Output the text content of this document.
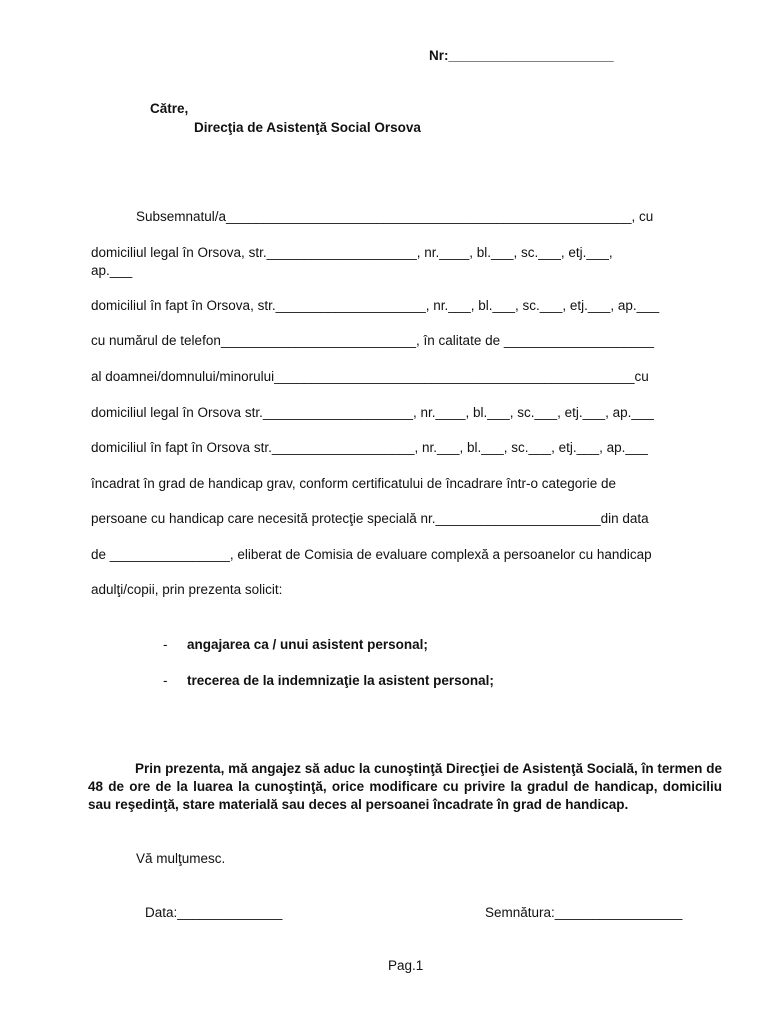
Nr:______________________
Către,
Direcţia de Asistenţă Social Orsova
Subsemnatul/a______________________________________________________, cu
domiciliul legal în Orsova, str.____________________, nr.____, bl.___, sc.___, etj.___,
ap.___
domiciliul în fapt în Orsova, str.____________________, nr.___, bl.___, sc.___, etj.___, ap.___
cu numărul de telefon__________________________, în calitate de ____________________
al doamnei/domnului/minorului________________________________________________cu
domiciliul legal în Orsova str.____________________, nr.____, bl.___, sc.___, etj.___, ap.___
domiciliul în fapt în Orsova str.___________________, nr.___, bl.___, sc.___, etj.___, ap.___
încadrat în grad de handicap grav, conform certificatului de încadrare într-o categorie de
persoane cu handicap care necesită protecţie specială nr.______________________din data
de ________________, eliberat de Comisia de evaluare complexă a persoanelor cu handicap
adulţi/copii, prin prezenta solicit:
- angajarea ca / unui asistent personal;
- trecerea de la indemnizaţie la asistent personal;
Prin prezenta, mă angajez să aduc la cunoştinţă Direcţiei de Asistenţă Socială, în termen de 48 de ore de la luarea la cunoştinţă, orice modificare cu privire la gradul de handicap, domiciliu sau reşedinţă, stare materială sau deces al persoanei încadrate în grad de handicap.
Vă mulţumesc.
Data:______________	Semnătura:_________________
Pag.1
